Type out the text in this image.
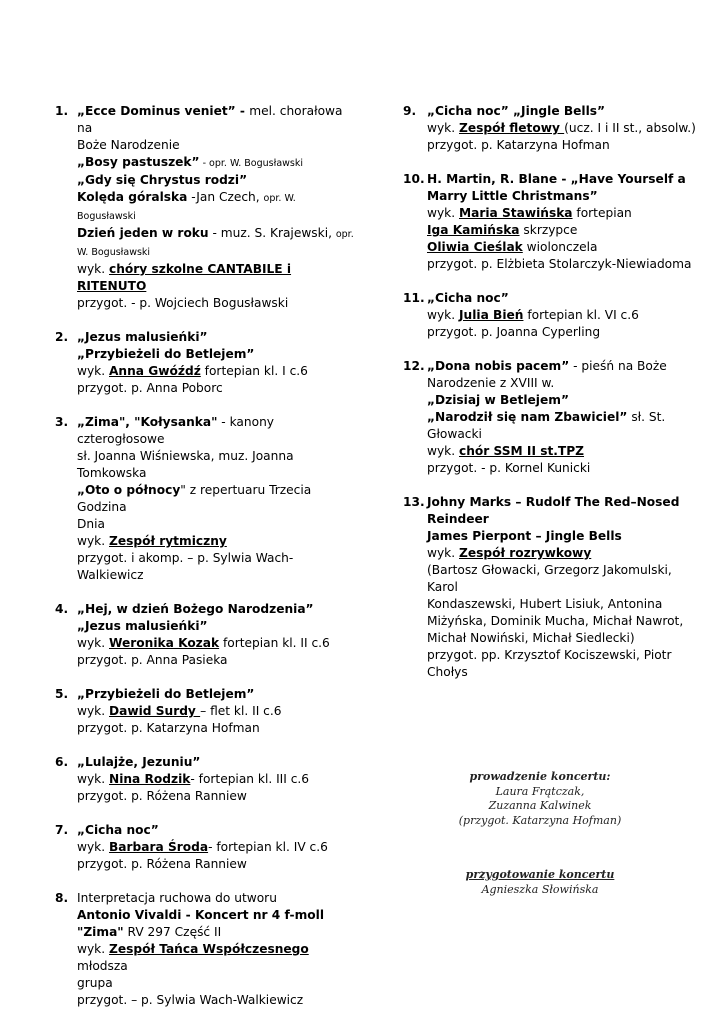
1. „Ecce Dominus veniet” - mel. chorałowa na
Boże Narodzenie
„Bosy pastuszek” - opr. W. Bogusławski
„Gdy się Chrystus rodzi”
Kolęda góralska -Jan Czech, opr. W. Bogusławski
Dzień jeden w roku - muz. S. Krajewski, opr.
W. Bogusławski
wyk. chóry szkolne CANTABILE i
RITENUTO
przygot. - p. Wojciech Bogusławski
2. „Jezus malusieńki”
„Przybieżeli do Betlejem”
wyk. Anna Gwóźdź fortepian kl. I c.6
przygot. p. Anna Poborc
3. „Zima", "Kołysanka" - kanony czterogłosowe
sł. Joanna Wiśniewska, muz. Joanna
Tomkowska
„Oto o północy" z repertuaru Trzecia Godzina
Dnia
wyk. Zespół rytmiczny
przygot. i akomp. – p. Sylwia Wach-Walkiewicz
4. „Hej, w dzień Bożego Narodzenia”
„Jezus malusieńki”
wyk. Weronika Kozak fortepian kl. II c.6
przygot. p. Anna Pasieka
5. „Przybieżeli do Betlejem”
wyk. Dawid Surdy – flet kl. II c.6
przygot. p. Katarzyna Hofman
6. „Lulajże, Jezuniu”
wyk. Nina Rodzik- fortepian kl. III c.6
przygot. p. Różena Ranniew
7. „Cicha noc”
wyk. Barbara Środa- fortepian kl. IV c.6
przygot. p. Różena Ranniew
8. Interpretacja ruchowa do utworu
Antonio Vivaldi - Koncert nr 4 f-moll
"Zima" RV 297 Część II
wyk. Zespół Tańca Współczesnego młodsza
grupa
przygot. – p. Sylwia Wach-Walkiewicz
9. „Cicha noc” „Jingle Bells”
wyk. Zespół fletowy (ucz. I i II st., absolw.)
przygot. p. Katarzyna Hofman
10. H. Martin, R. Blane - „Have Yourself a
Marry Little Christmans”
wyk. Maria Stawińska fortepian
Iga Kamińska skrzypce
Oliwia Cieślak wiolonczela
przygot. p. Elżbieta Stolarczyk-Niewiadoma
11. „Cicha noc”
wyk. Julia Bień fortepian kl. VI c.6
przygot. p. Joanna Cyperling
12. „Dona nobis pacem” - pieśń na Boże
Narodzenie z XVIII w.
„Dzisiaj w Betlejem”
„Narodził się nam Zbawiciel” sł. St. Głowacki
wyk. chór SSM II st.TPZ
przygot. - p. Kornel Kunicki
13. Johny Marks – Rudolf The Red–Nosed
Reindeer
James Pierpont – Jingle Bells
wyk. Zespół rozrywkowy
(Bartosz Głowacki, Grzegorz Jakomulski, Karol
Kondaszewski, Hubert Lisiuk, Antonina
Miżyńska, Dominik Mucha, Michał Nawrot,
Michał Nowiński, Michał Siedlecki)
przygot. pp. Krzysztof Kociszewski, Piotr
Chołys
prowadzenie koncertu:
Laura Frątczak,
Zuzanna Kalwinek
(przygot. Katarzyna Hofman)
przygotowanie koncertu
Agnieszka Słowińska
